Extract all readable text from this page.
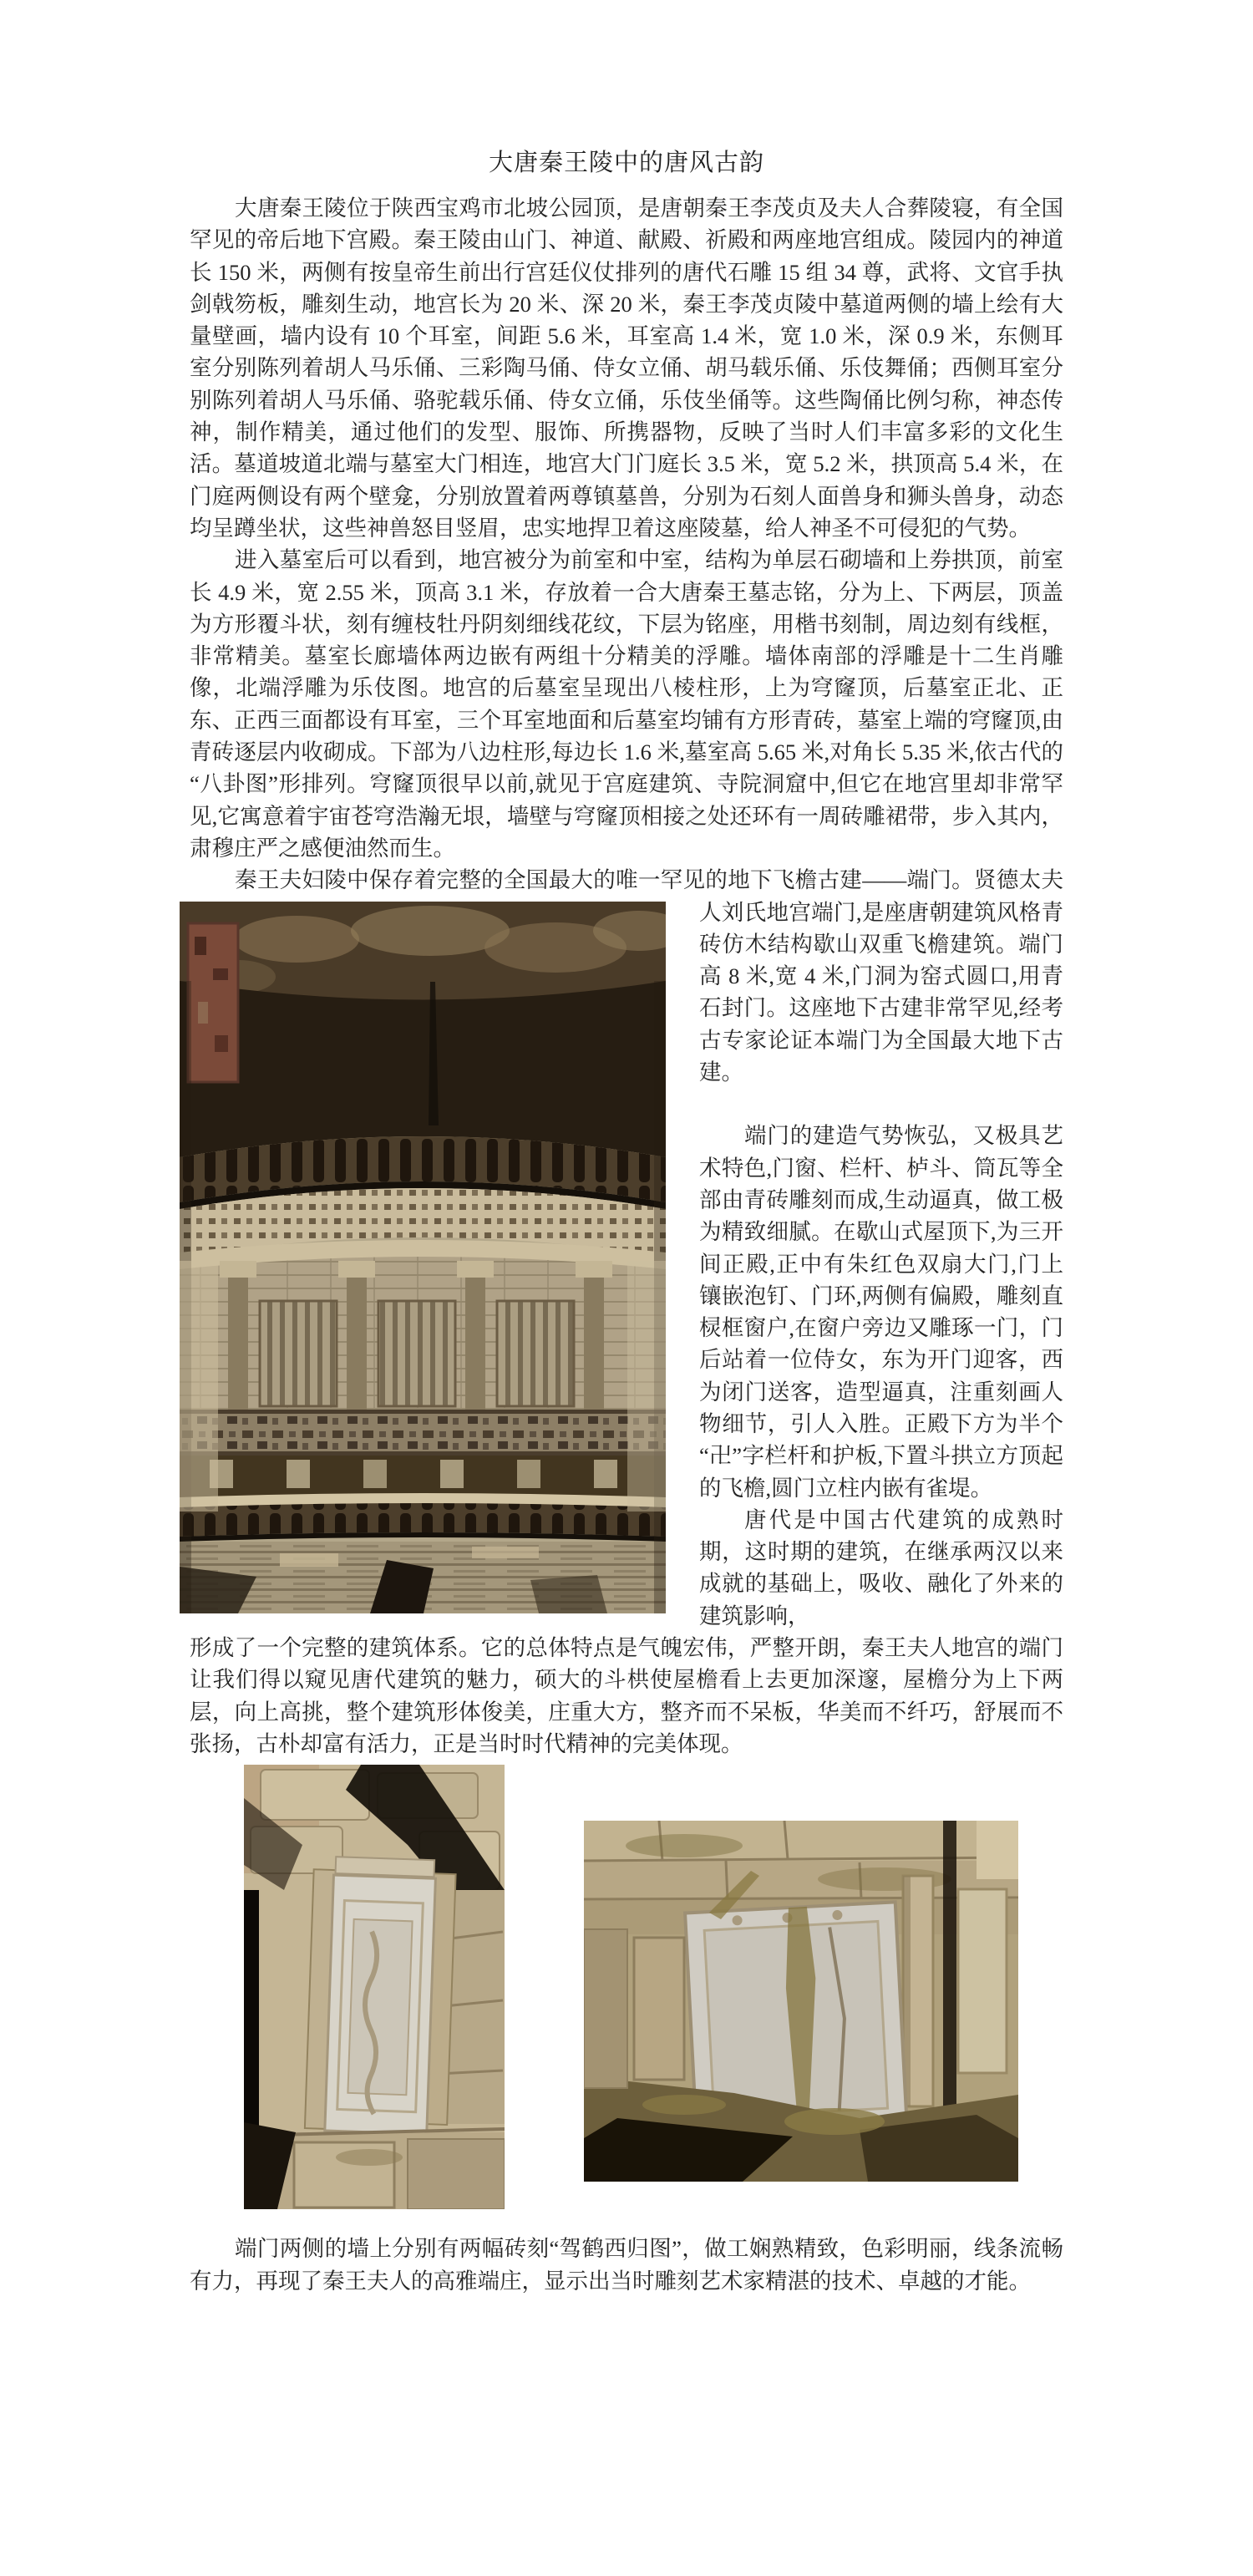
大唐秦王陵中的唐风古韵

大唐秦王陵位于陕西宝鸡市北坡公园顶，是唐朝秦王李茂贞及夫人合葬陵寝，有全国罕见的帝后地下宫殿。秦王陵由山门、神道、献殿、祈殿和两座地宫组成。陵园内的神道长 150 米，两侧有按皇帝生前出行宫廷仪仗排列的唐代石雕 15 组 34 尊，武将、文官手执剑戟笏板，雕刻生动，地宫长为 20 米、深 20 米，秦王李茂贞陵中墓道两侧的墙上绘有大量壁画，墙内设有 10 个耳室，间距 5.6 米，耳室高 1.4 米，宽 1.0 米，深 0.9 米，东侧耳室分别陈列着胡人马乐俑、三彩陶马俑、侍女立俑、胡马载乐俑、乐伎舞俑；西侧耳室分别陈列着胡人马乐俑、骆驼载乐俑、侍女立俑，乐伎坐俑等。这些陶俑比例匀称，神态传神，制作精美，通过他们的发型、服饰、所携器物，反映了当时人们丰富多彩的文化生活。墓道坡道北端与墓室大门相连，地宫大门门庭长 3.5 米，宽 5.2 米，拱顶高 5.4 米，在门庭两侧设有两个壁龛，分别放置着两尊镇墓兽，分别为石刻人面兽身和狮头兽身，动态均呈蹲坐状，这些神兽怒目竖眉，忠实地捍卫着这座陵墓，给人神圣不可侵犯的气势。

进入墓室后可以看到，地宫被分为前室和中室，结构为单层石砌墙和上券拱顶，前室长 4.9 米，宽 2.55 米，顶高 3.1 米，存放着一合大唐秦王墓志铭，分为上、下两层，顶盖为方形覆斗状，刻有缠枝牡丹阴刻细线花纹，下层为铭座，用楷书刻制，周边刻有线框，非常精美。墓室长廊墙体两边嵌有两组十分精美的浮雕。墙体南部的浮雕是十二生肖雕像，北端浮雕为乐伎图。地宫的后墓室呈现出八棱柱形，上为穹窿顶，后墓室正北、正东、正西三面都设有耳室，三个耳室地面和后墓室均铺有方形青砖，墓室上端的穹窿顶,由青砖逐层内收砌成。下部为八边柱形,每边长 1.6 米,墓室高 5.65 米,对角长 5.35 米,依古代的“八卦图”形排列。穹窿顶很早以前,就见于宫庭建筑、寺院洞窟中,但它在地宫里却非常罕见,它寓意着宇宙苍穹浩瀚无垠，墙壁与穹窿顶相接之处还环有一周砖雕裙带，步入其内，肃穆庄严之感便油然而生。

秦王夫妇陵中保存着完整的全国最大的唯一罕见的地下飞檐古建——端门。贤德太夫人
刘氏地宫端门,是座唐朝建筑风格青砖仿木结构歇山双重飞檐建筑。端门高 8 米,宽 4 米,门洞为窑式圆口,用青石封门。这座地下古建非常罕见,经考古专家论证本端门为全国最大地下古建。

端门的建造气势恢弘，又极具艺术特色,门窗、栏杆、栌斗、筒瓦等全部由青砖雕刻而成,生动逼真，做工极为精致细腻。在歇山式屋顶下,为三开间正殿,正中有朱红色双扇大门,门上镶嵌泡钉、门环,两侧有偏殿，雕刻直棂框窗户,在窗户旁边又雕琢一门，门后站着一位侍女，东为开门迎客，西为闭门送客，造型逼真，注重刻画人物细节，引人入胜。正殿下方为半个“卍”字栏杆和护板,下置斗拱立方顶起的飞檐,圆门立柱内嵌有雀堤。

唐代是中国古代建筑的成熟时期，这时期的建筑，在继承两汉以来成就的基础上，吸收、融化了外来的建筑影响，

形成了一个完整的建筑体系。它的总体特点是气魄宏伟，严整开朗，秦王夫人地宫的端门让我们得以窥见唐代建筑的魅力，硕大的斗栱使屋檐看上去更加深邃，屋檐分为上下两层，向上高挑，整个建筑形体俊美，庄重大方，整齐而不呆板，华美而不纤巧，舒展而不张扬，古朴却富有活力，正是当时时代精神的完美体现。

端门两侧的墙上分别有两幅砖刻“驾鹤西归图”，做工娴熟精致，色彩明丽，线条流畅有力，再现了秦王夫人的高雅端庄，显示出当时雕刻艺术家精湛的技术、卓越的才能。
